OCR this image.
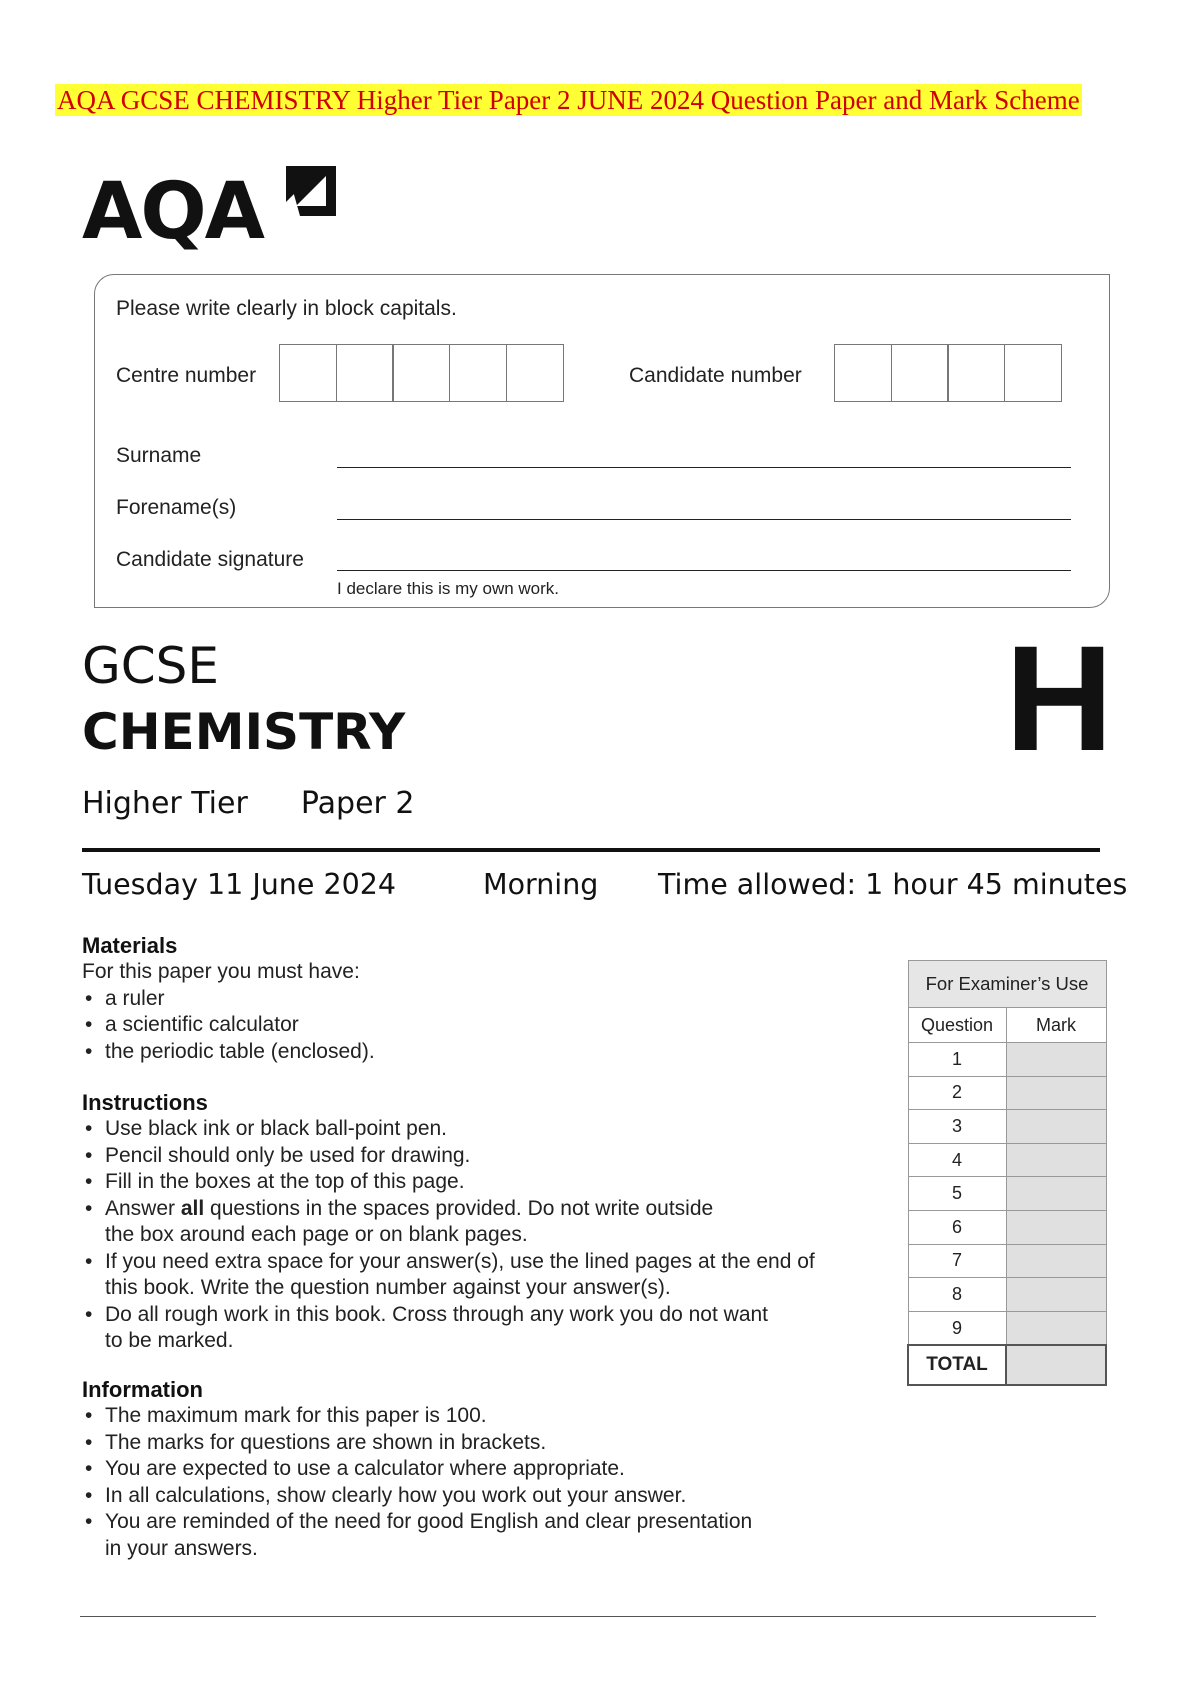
AQA GCSE CHEMISTRY Higher Tier Paper 2 JUNE 2024 Question Paper and Mark Scheme
AQA
Please write clearly in block capitals.
Centre number	Candidate number
Surname
Forename(s)
Candidate signature
I declare this is my own work.
GCSE
CHEMISTRY	H
Higher Tier Paper 2
Tuesday 11 June 2024	Morning Time allowed: 1 hour 45 minutes
Materials
For this paper you must have:
• a ruler
• a scientific calculator
• the periodic table (enclosed).
Instructions
• Use black ink or black ball-point pen.
• Pencil should only be used for drawing.
• Fill in the boxes at the top of this page.
• Answer all questions in the spaces provided. Do not write outside
the box around each page or on blank pages.
• If you need extra space for your answer(s), use the lined pages at the end of
this book. Write the question number against your answer(s).
• Do all rough work in this book. Cross through any work you do not want
to be marked.
Information
• The maximum mark for this paper is 100.
• The marks for questions are shown in brackets.
• You are expected to use a calculator where appropriate.
• In all calculations, show clearly how you work out your answer.
• You are reminded of the need for good English and clear presentation
in your answers.
For Examiner’s Use	
Question	Mark
1	
2	
3	
4	
5	
6	
7	
8	
9	
TOTAL	
